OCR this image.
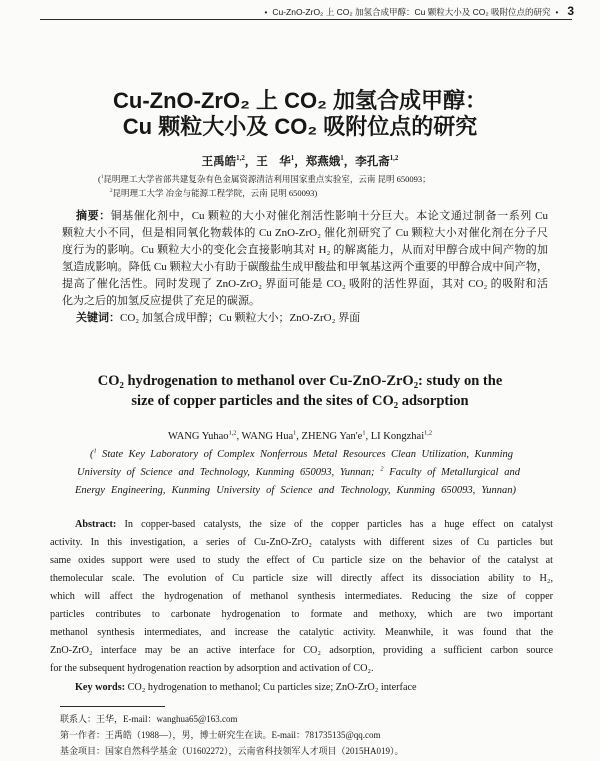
• Cu-ZnO-ZrO₂ 上 CO₂ 加氢合成甲醇：Cu 颗粒大小及 CO₂ 吸附位点的研究 • 3
Cu-ZnO-ZrO₂ 上 CO₂ 加氢合成甲醇：
Cu 颗粒大小及 CO₂ 吸附位点的研究
王禹皓$^{1,2}$，王　华$^1$，郑燕娥$^1$，李孔斋$^{1,2}$
($^1$昆明理工大学省部共建复杂有色金属资源清洁利用国家重点实验室，云南 昆明 650093；
$^2$昆明理工大学 冶金与能源工程学院，云南 昆明 650093)
摘要：铜基催化剂中，Cu 颗粒的大小对催化剂活性影响十分巨大。本论文通过制备一系列 Cu
颗粒大小不同，但是相同氧化物载体的 Cu ZnO-ZrO₂ 催化剂研究了 Cu 颗粒大小对催化剂在分子尺
度行为的影响。Cu 颗粒大小的变化会直接影响其对 H₂ 的解离能力，从而对甲醇合成中间产物的加
氢造成影响。降低 Cu 颗粒大小有助于碳酸盐生成甲酸盐和甲氧基这两个重要的甲醇合成中间产物，
提高了催化活性。同时发现了 ZnO-ZrO₂ 界面可能是 CO₂ 吸附的活性界面，其对 CO₂ 的吸附和活
化为之后的加氢反应提供了充足的碳源。
关键词：CO₂ 加氢合成甲醇；Cu 颗粒大小；ZnO-ZrO₂ 界面
CO₂ hydrogenation to methanol over Cu-ZnO-ZrO₂: study on the
size of copper particles and the sites of CO₂ adsorption
WANG Yuhao$^{1,2}$, WANG Hua$^1$, ZHENG $Yan'e^1$, LI Kongzhai$^{1,2}$
($^1$ State Key Laboratory of Complex Nonferrous Metal Resources Clean Utilization, Kunming
University of Science and Technology, Kunming 650093, Yunnan; $^2$ Faculty of Metallurgical and
Energy Engineering, Kunming University of Science and Technology, Kunming 650093, Yunnan)
Abstract: In copper-based catalysts, the size of the copper particles has a huge effect on catalyst
activity. In this investigation, a series of Cu-ZnO-ZrO₂ catalysts with different sizes of Cu particles but
same oxides support were used to study the effect of Cu particle size on the behavior of the catalyst at
themolecular scale. The evolution of Cu particle size will directly affect its dissociation ability to H₂,
which will affect the hydrogenation of methanol synthesis intermediates. Reducing the size of copper
particles contributes to carbonate hydrogenation to formate and methoxy, which are two important
methanol synthesis intermediates, and increase the catalytic activity. Meanwhile, it was found that the
ZnO-ZrO₂ interface may be an active interface for CO₂ adsorption, providing a sufficient carbon source
for the subsequent hydrogenation reaction by adsorption and activation of CO₂.
Key words: CO₂ hydrogenation to methanol; Cu particles size; ZnO-ZrO₂ interface
联系人：王华，E-mail：wanghua65@163.com
第一作者：王禹皓（1988—），男，博士研究生在读。E-mail：781735135@qq.com
基金项目：国家自然科学基金（U1602272），云南省科技领军人才项目（2015HA019）。
